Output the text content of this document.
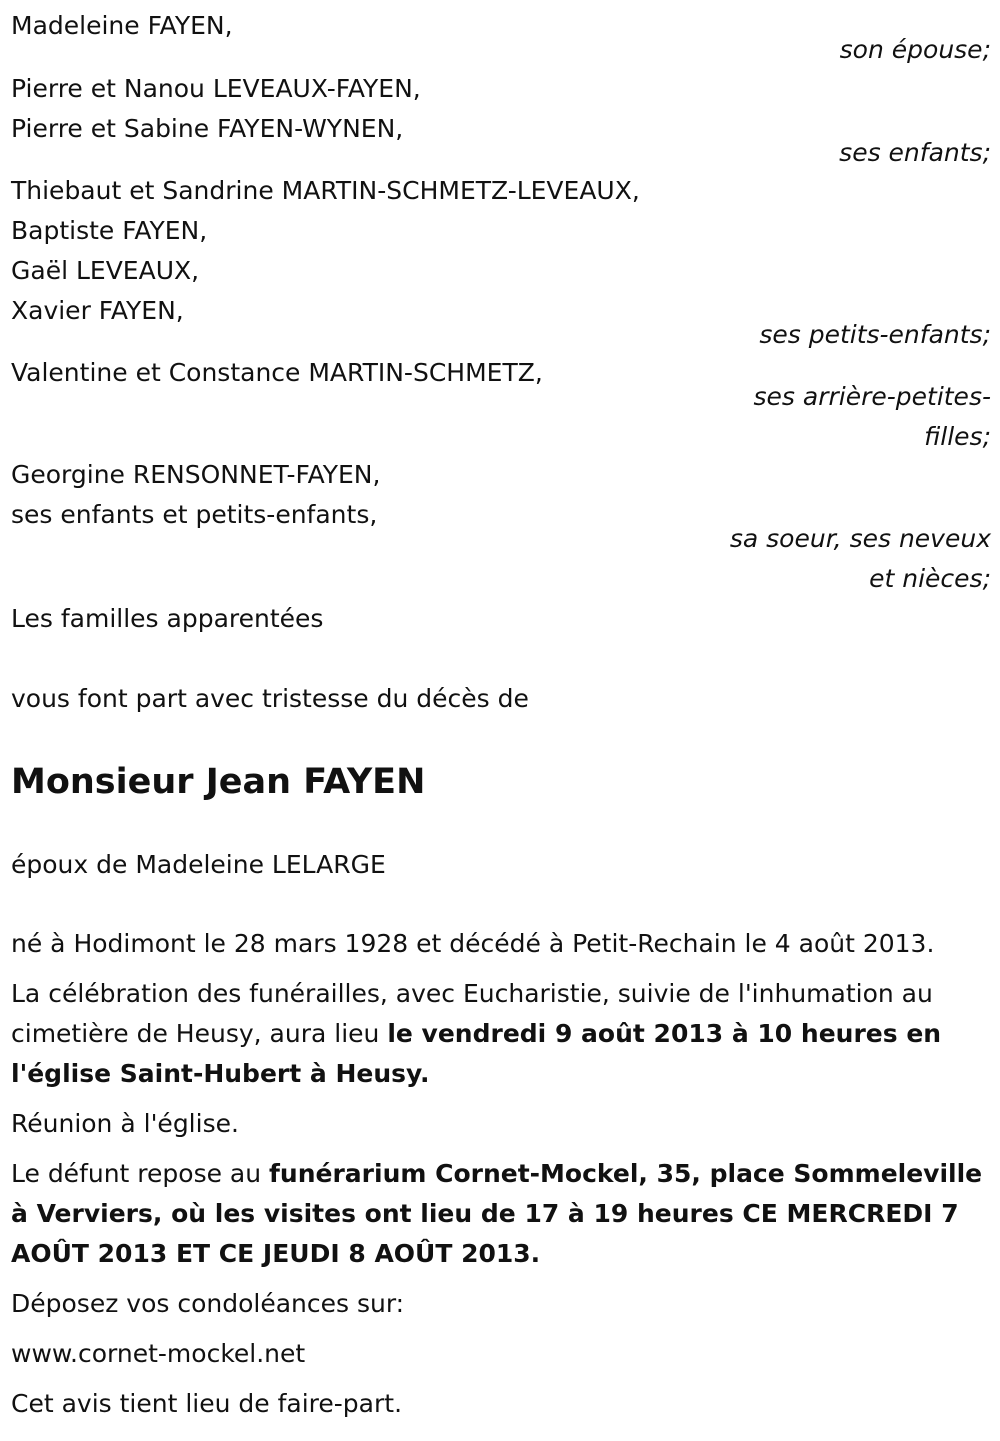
Madeleine FAYEN,
son épouse;
Pierre et Nanou LEVEAUX-FAYEN,
Pierre et Sabine FAYEN-WYNEN,
ses enfants;
Thiebaut et Sandrine MARTIN-SCHMETZ-LEVEAUX,
Baptiste FAYEN,
Gaël LEVEAUX,
Xavier FAYEN,
ses petits-enfants;
Valentine et Constance MARTIN-SCHMETZ,
ses arrière-petites-
filles;
Georgine RENSONNET-FAYEN,
ses enfants et petits-enfants,
sa soeur, ses neveux
et nièces;
Les familles apparentées
vous font part avec tristesse du décès de
Monsieur Jean FAYEN
époux de Madeleine LELARGE
né à Hodimont le 28 mars 1928 et décédé à Petit-Rechain le 4 août 2013.
La célébration des funérailles, avec Eucharistie, suivie de l'inhumation au cimetière de Heusy, aura lieu le vendredi 9 août 2013 à 10 heures en l'église Saint-Hubert à Heusy.
Réunion à l'église.
Le défunt repose au funérarium Cornet-Mockel, 35, place Sommeleville à Verviers, où les visites ont lieu de 17 à 19 heures CE MERCREDI 7 AOÛT 2013 ET CE JEUDI 8 AOÛT 2013.
Déposez vos condoléances sur:
www.cornet-mockel.net
Cet avis tient lieu de faire-part.
